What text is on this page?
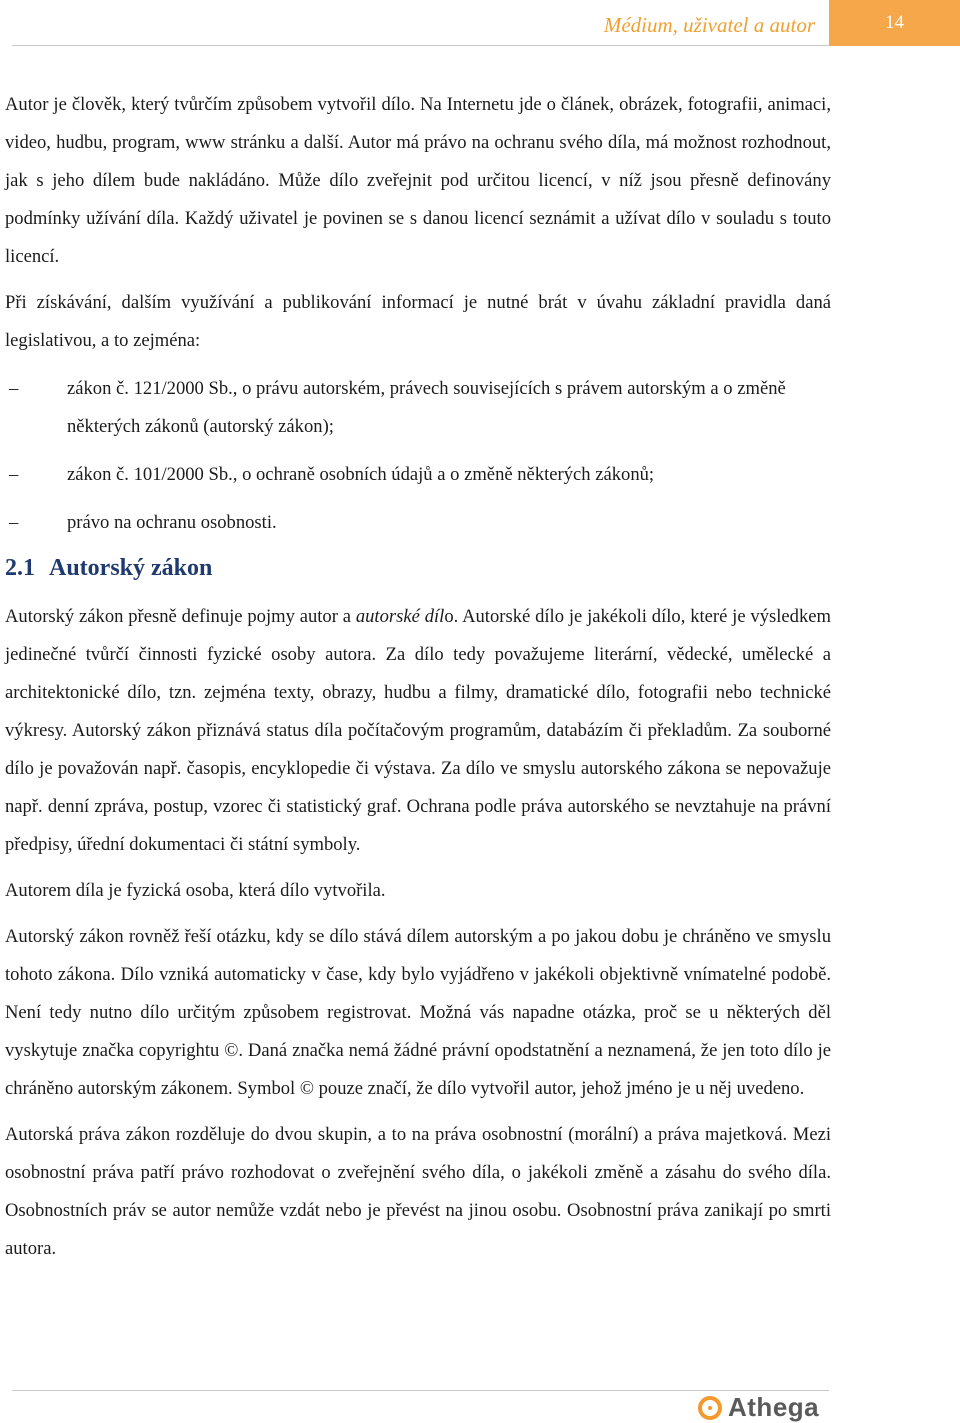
Médium, uživatel a autor	14

Autor je člověk, který tvůrčím způsobem vytvořil dílo. Na Internetu jde o článek, obrázek, fotografii, animaci, video, hudbu, program, www stránku a další. Autor má právo na ochranu svého díla, má možnost rozhodnout, jak s jeho dílem bude nakládáno. Může dílo zveřejnit pod určitou licencí, v níž jsou přesně definovány podmínky užívání díla. Každý uživatel je povinen se s danou licencí seznámit a užívat dílo v souladu s touto licencí.

Při získávání, dalším využívání a publikování informací je nutné brát v úvahu základní pravidla daná legislativou, a to zejména:

–	zákon č. 121/2000 Sb., o právu autorském, právech souvisejících s právem autorským a o změně některých zákonů (autorský zákon);
–	zákon č. 101/2000 Sb., o ochraně osobních údajů a o změně některých zákonů;
–	právo na ochranu osobnosti.
2.1 Autorský zákon

Autorský zákon přesně definuje pojmy autor a autorské dílo. Autorské dílo je jakékoli dílo, které je výsledkem jedinečné tvůrčí činnosti fyzické osoby autora. Za dílo tedy považujeme literární, vědecké, umělecké a architektonické dílo, tzn. zejména texty, obrazy, hudbu a filmy, dramatické dílo, fotografii nebo technické výkresy. Autorský zákon přiznává status díla počítačovým programům, databázím či překladům. Za souborné dílo je považován např. časopis, encyklopedie či výstava. Za dílo ve smyslu autorského zákona se nepovažuje např. denní zpráva, postup, vzorec či statistický graf. Ochrana podle práva autorského se nevztahuje na právní předpisy, úřední dokumentaci či státní symboly.

Autorem díla je fyzická osoba, která dílo vytvořila.

Autorský zákon rovněž řeší otázku, kdy se dílo stává dílem autorským a po jakou dobu je chráněno ve smyslu tohoto zákona. Dílo vzniká automaticky v čase, kdy bylo vyjádřeno v jakékoli objektivně vnímatelné podobě. Není tedy nutno dílo určitým způsobem registrovat. Možná vás napadne otázka, proč se u některých děl vyskytuje značka copyrightu ©. Daná značka nemá žádné právní opodstatnění a neznamená, že jen toto dílo je chráněno autorským zákonem. Symbol © pouze značí, že dílo vytvořil autor, jehož jméno je u něj uvedeno.

Autorská práva zákon rozděluje do dvou skupin, a to na práva osobnostní (morální) a práva majetková. Mezi osobnostní práva patří právo rozhodovat o zveřejnění svého díla, o jakékoli změně a zásahu do svého díla. Osobnostních práv se autor nemůže vzdát nebo je převést na jinou osobu. Osobnostní práva zanikají po smrti autora.

Athega
